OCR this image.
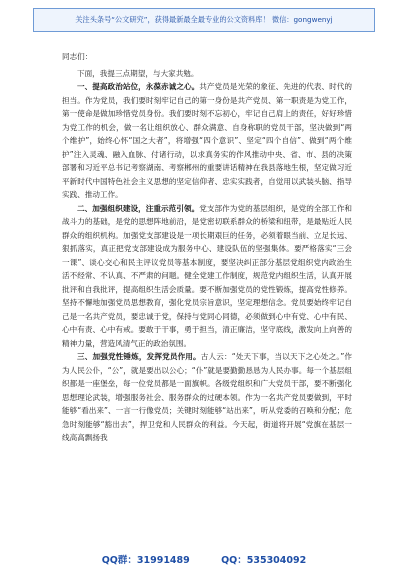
关注头条号“公文研究”，获得最新最全最专业的公文资料库！ 微信：gongwenyj

同志们：

下面，我提三点期望，与大家共勉。

一、提高政治站位，永葆赤诚之心。共产党员是光荣的象征、先进的代表、时代的担当。作为党员，我们要时刻牢记自己的第一身份是共产党员、第一职责是为党工作，第一使命是做加珍惜党员身份。我们要时刻不忘初心，牢记自己肩上的责任，好好珍惜为党工作的机会，做一名让组织放心、群众满意、自身称职的党员干部，坚决做到“两个维护”，始终心怀“国之大者”，将增强“四个意识”、坚定“四个自信”、做到“两个维护”注入灵魂、融入血脉、付诸行动，以求真务实的作风推动中央、省、市、县的决策部署和习近平总书记考察湖南、考察郴州的重要讲话精神在我县落地生根，坚定做习近平新时代中国特色社会主义思想的坚定信仰者、忠实实践者，自觉用以武装头脑、指导实践、推动工作。

二、加强组织建设，注重示范引领。党支部作为党的基层组织，是党的全部工作和战斗力的基础，是党的思想阵地前沿，是党密切联系群众的桥梁和纽带，是最贴近人民群众的组织机构。加强党支部建设是一项长期艰巨的任务，必须着眼当前、立足长远、狠抓落实，真正把党支部建设成为服务中心、建设队伍的坚强集体。要严格落实“三会一课”、谈心交心和民主评议党员等基本制度，要坚决纠正部分基层党组织党内政治生活不经常、不认真、不严肃的问题。健全党建工作制度，规范党内组织生活，认真开展批评和自我批评，提高组织生活会质量。要不断加强党员的党性锻炼，提高党性修养。坚持不懈地加强党员思想教育，强化党员宗旨意识，坚定理想信念。党员要始终牢记自己是一名共产党员，要忠诚于党，保持与党同心同德，必须做到心中有党、心中有民、心中有责、心中有戒。要敢于干事，勇于担当，清正廉洁，坚守底线，激发向上向善的精神力量，营造风清气正的政治氛围。

三、加强党性锤炼，发挥党员作用。古人云：“处天下事，当以天下之心处之。”作为人民公仆，“公”，就是要出以公心；“仆”就是要勤勤恳恳为人民办事。每一个基层组织都是一座堡垒，每一位党员都是一面旗帜。各级党组织和广大党员干部，要不断强化思想理论武装，增强服务社会、服务群众的过硬本领。作为一名共产党员要做到，平时能够“看出来”、一言一行像党员；关键时刻能够“站出来”，听从党委的召唤和分配；危急时刻能够“豁出去”，捍卫党和人民群众的利益。今天起，街道将开展“党旗在基层一线高高飘扬我

QQ群：31991489	QQ：535304092
